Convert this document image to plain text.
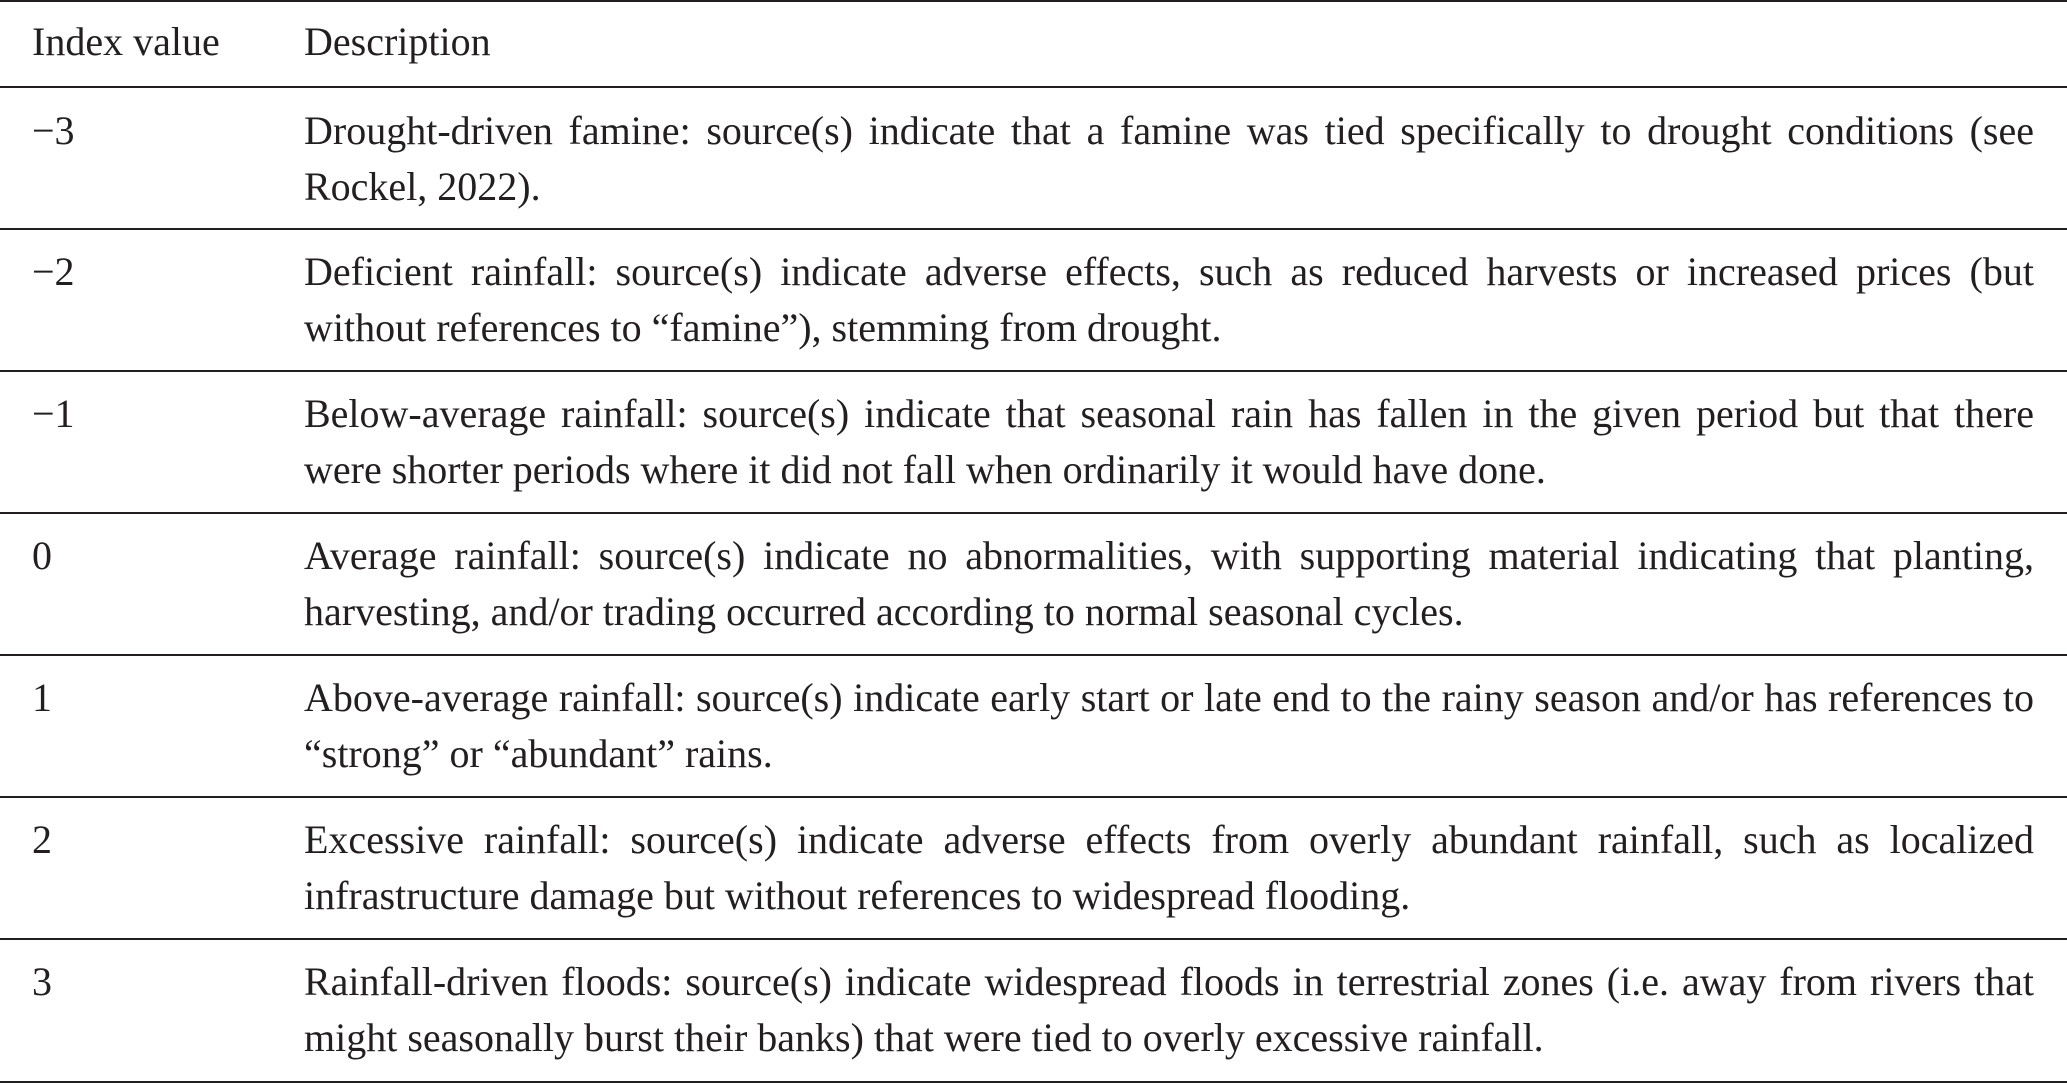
Index value Description
−3	Drought-driven famine: source(s) indicate that a famine was tied specifically to drought conditions (see Rockel, 2022).
−2	Deficient rainfall: source(s) indicate adverse effects, such as reduced harvests or increased prices (but without references to “famine”), stemming from drought.
−1	Below-average rainfall: source(s) indicate that seasonal rain has fallen in the given period but that there were shorter periods where it did not fall when ordinarily it would have done.
0	Average rainfall: source(s) indicate no abnormalities, with supporting material indicating that planting, harvesting, and/or trading occurred according to normal seasonal cycles.
1	Above-average rainfall: source(s) indicate early start or late end to the rainy season and/or has references to “strong” or “abundant” rains.
2	Excessive rainfall: source(s) indicate adverse effects from overly abundant rainfall, such as localized infrastructure damage but without references to widespread flooding.
3	Rainfall-driven floods: source(s) indicate widespread floods in terrestrial zones (i.e. away from rivers that might seasonally burst their banks) that were tied to overly excessive rainfall.
